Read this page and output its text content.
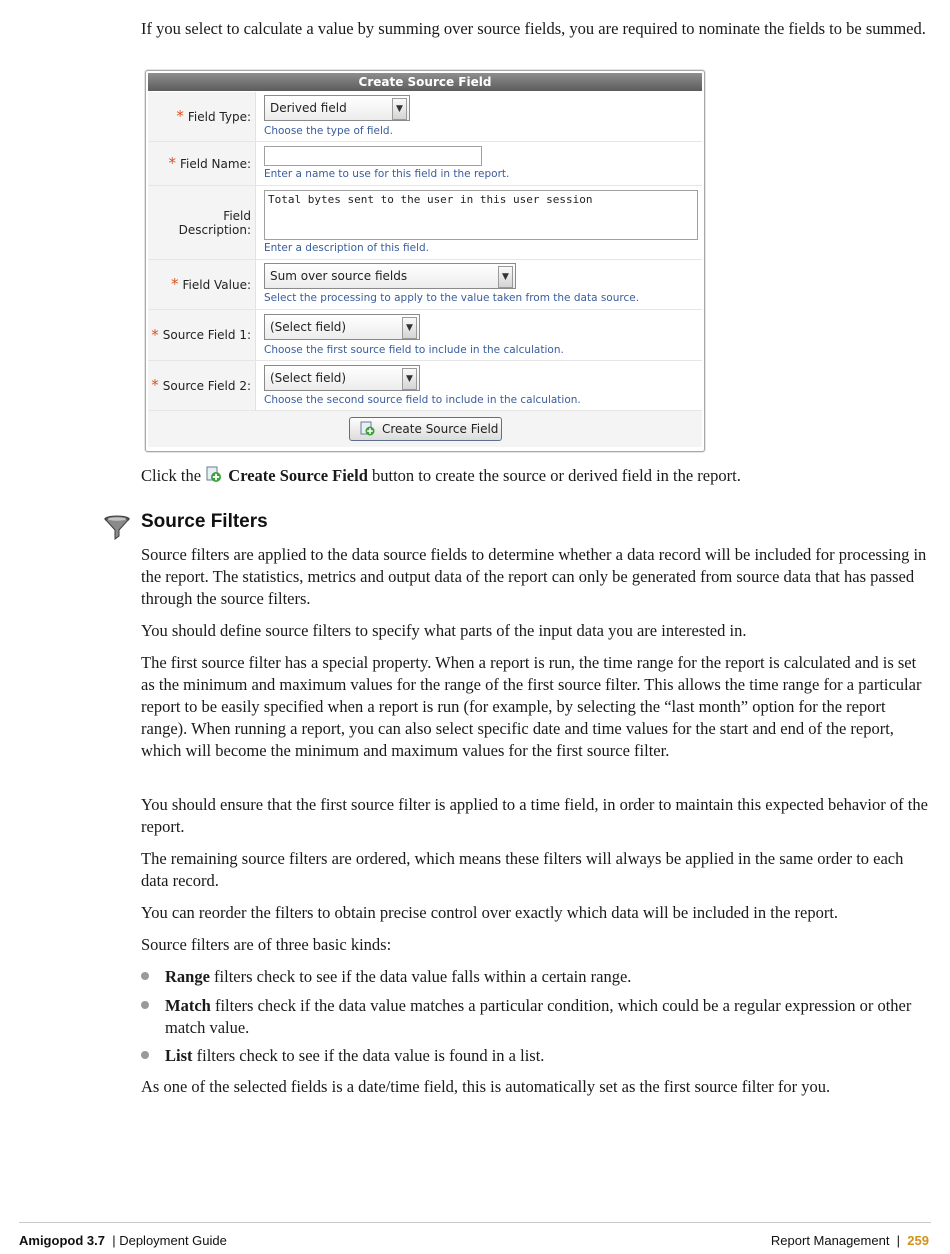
If you select to calculate a value by summing over source fields, you are required to nominate the fields to be summed.

Create Source Field
* Field Type:
Derived field	▼
Choose the type of field.
* Field Name:
Enter a name to use for this field in the report.
Field Description:
Total bytes sent to the user in this user session
Enter a description of this field.
* Field Value:
Sum over source fields	▼
Select the processing to apply to the value taken from the data source.
* Source Field 1:
(Select field)	▼
Choose the first source field to include in the calculation.
* Source Field 2:
(Select field)	▼
Choose the second source field to include in the calculation.
Create Source Field

Click the  Create Source Field button to create the source or derived field in the report.

Source Filters

Source filters are applied to the data source fields to determine whether a data record will be included for processing in the report. The statistics, metrics and output data of the report can only be generated from source data that has passed through the source filters.

You should define source filters to specify what parts of the input data you are interested in.

The first source filter has a special property. When a report is run, the time range for the report is calculated and is set as the minimum and maximum values for the range of the first source filter. This allows the time range for a particular report to be easily specified when a report is run (for example, by selecting the “last month” option for the report range). When running a report, you can also select specific date and time values for the start and end of the report, which will become the minimum and maximum values for the first source filter.

You should ensure that the first source filter is applied to a time field, in order to maintain this expected behavior of the report.

The remaining source filters are ordered, which means these filters will always be applied in the same order to each data record.

You can reorder the filters to obtain precise control over exactly which data will be included in the report.

Source filters are of three basic kinds:

Range filters check to see if the data value falls within a certain range.

Match filters check if the data value matches a particular condition, which could be a regular expression or other match value.

List filters check to see if the data value is found in a list.

As one of the selected fields is a date/time field, this is automatically set as the first source filter for you.

Amigopod 3.7 | Deployment Guide	Report Management | 259
